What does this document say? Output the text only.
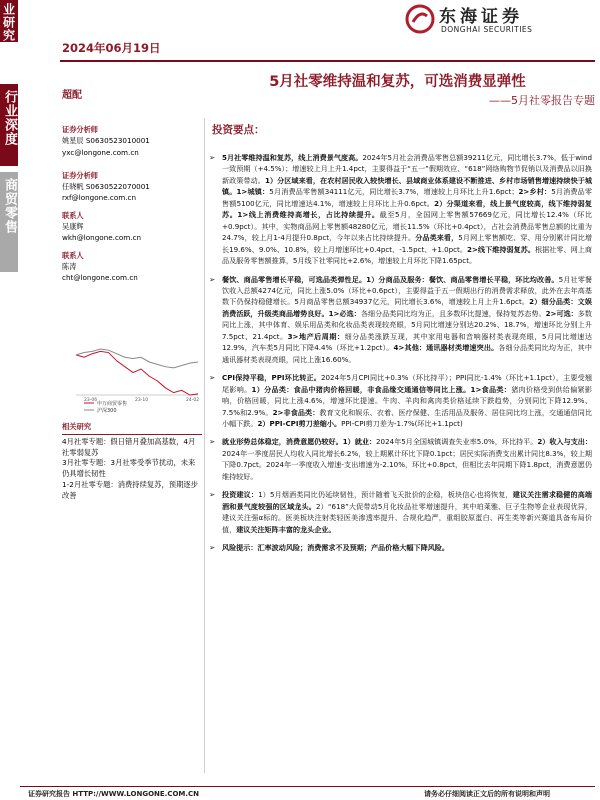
业研究
行业深度
商贸零售
2024年06月19日
东海证券
DONGHAI SECURITIES
5月社零维持温和复苏，可选消费显弹性
——5月社零报告专题
超配
证券分析师
姚星辰 S0630523010001
yxc@longone.com.cn
证券分析师
任晓帆 S0630522070001
rxf@longone.com.cn
联系人
吴康辉
wkh@longone.com.cn
联系人
陈涛
cht@longone.com.cn
申万商贸零售
沪深300
23-06	23-10	24-02
相关研究
4月社零专题：假日错月叠加高基数，4月社零弱复苏
3月社零专题：3月社零受季节扰动，未来仍具增长韧性
1-2月社零专题：消费持续复苏，预期逐步改善
投资要点：
➢ 5月社零维持温和复苏，线上消费景气度高。2024年5月社会消费品零售总额39211亿元，同比增长3.7%，低于wind一致预期（+4.5%）；增速较上月上升1.4pct，主要得益于“五一”假期效应、“618”网络购物节促销以及消费品以旧换新政策带动。1）分区域来看，在农村居民收入较快增长、县域商业体系建设不断推进、乡村市场销售增速持续快于城镇。1>城镇：5月消费品零售额34111亿元，同比增长3.7%，增速较上月环比上升1.6pct；2>乡村：5月消费品零售额5100亿元，同比增速达4.1%，增速较上月环比上升0.6pct。2）分渠道来看，线上景气度较高，线下维持弱复苏。1>线上消费维持高增长，占比持续提升。截至5月，全国网上零售额57669亿元，同比增长12.4%（环比+0.9pct）。其中，实物商品网上零售额48280亿元，增长11.5%（环比+0.4pct），占社会消费品零售总额的比重为24.7%，较上月1-4月提升0.8pct，今年以来占比持续提升。分品类来看，5月网上零售额吃、穿、用分别累计同比增长19.6%、9.0%、10.8%，较上月增速环比+0.4pct、-1.5pct、+1.0pct。2>线下维持弱复苏。根据社零、网上商品及服务零售额推算，5月线下社零同比+2.6%，增速较上月环比下降1.65pct。
➢ 餐饮、商品零售增长平稳，可选品类弹性足。1）分商品及服务：餐饮、商品零售增长平稳，环比均改善。5月社零餐饮收入总额4274亿元，同比上涨5.0%（环比+0.6pct），主要得益于五一假期出行的消费需求释放，此外在去年高基数下仍保持稳健增长。5月商品零售总额34937亿元，同比增长3.6%，增速较上月上升1.6pct。2）细分品类：文娱消费活跃，升级类商品增势良好。1>必选：各细分品类同比均为正，且多数环比提速，保持复苏态势。2>可选：多数同比上涨，其中体育、娱乐用品类和化妆品类表现较亮眼，5月同比增速分别达20.2%、18.7%，增速环比分别上升7.5pct、21.4pct。3>地产后周期：细分品类涨跌互现，其中家用电器和音响器材类表现亮眼，5月同比增速达12.9%，汽车类5月同比下降4.4%（环比+1.2pct）。4>其他：通讯器材类增速突出。各细分品类同比均为正，其中通讯器材类表现亮眼，同比上涨16.60%。
➢ CPI保持平稳，PPI环比转正。2024年5月CPI同比+0.3%（环比持平）；PPI同比-1.4%（环比+1.1pct），主要受翘尾影响。1）分品类：食品中猪肉价格回暖，非食品缘交通通信等同比上涨。1>食品类：猪肉价格受到供给偏紧影响，价格回暖，同比上涨4.6%，增速环比提速。牛肉、羊肉和禽肉类价格延续下跌趋势，分别同比下降12.9%、7.5%和2.9%。2>非食品类：教育文化和娱乐、衣着、医疗保健、生活用品及服务、居住同比均上涨，交通通信同比小幅下跌。2）PPI-CPI剪刀差缩小。PPI-CPI剪刀差为-1.7%(环比+1.1pct)
➢ 就业形势总体稳定，消费意愿仍较好。1）就业：2024年5月全国城镇调查失业率5.0%，环比持平。2）收入与支出：2024年一季度居民人均收入同比增长6.2%，较上期累计环比下降0.1pct；居民实际消费支出累计同比8.3%，较上期下降0.7pct。2024年一季度收入增速-支出增速为-2.10%，环比+0.8pct，但相比去年同期下降1.8pct，消费意愿仍维持较好。
➢ 投资建议：1）5月烟酒类同比仍延续韧性，预计随着飞天批价的企稳，板块信心也将恢复，建议关注需求稳健的高端酒和景气度较强的区域龙头。2）“618”大促带动5月化妆品社零增速提升，其中珀莱雅、巨子生物等企业表现优异，建议关注强α标的。医美板块注射类轻医美渗透率提升、合规化趋严，重组胶原蛋白、再生类等新兴赛道具备布局价值，建议关注矩阵丰富的龙头企业。
➢ 风险提示：汇率波动风险；消费需求不及预期；产品价格大幅下降风险。
证券研究报告 HTTP://WWW.LONGONE.COM.CN	请务必仔细阅读正文后的所有说明和声明
